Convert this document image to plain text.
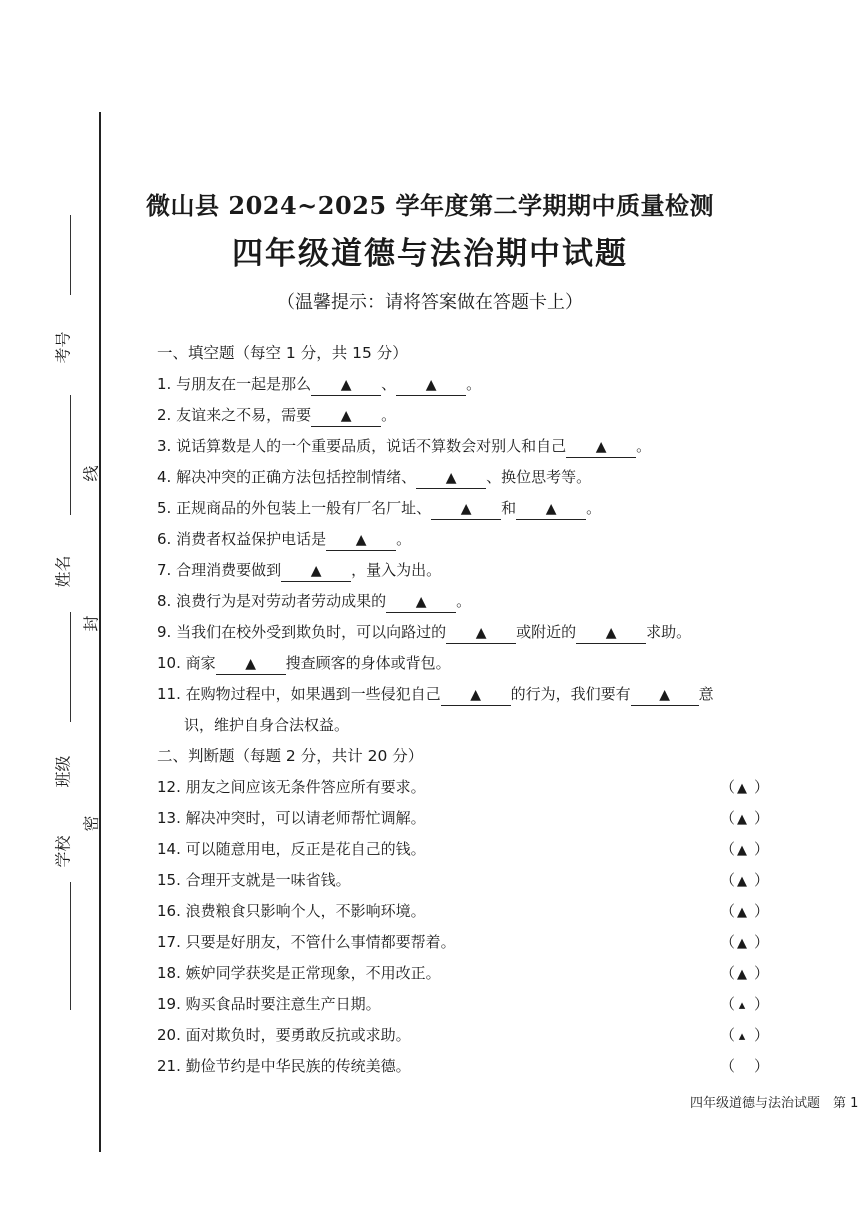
考号
姓名
班级
学校
线
封
密
微山县 2024~2025 学年度第二学期期中质量检测
四年级道德与法治期中试题
（温馨提示：请将答案做在答题卡上）
一、填空题（每空 1 分，共 15 分）
1. 与朋友在一起是那么 ▲ 、 ▲ 。
2. 友谊来之不易，需要 ▲ 。
3. 说话算数是人的一个重要品质，说话不算数会对别人和自己 ▲ 。
4. 解决冲突的正确方法包括控制情绪、 ▲ 、换位思考等。
5. 正规商品的外包装上一般有厂名厂址、 ▲ 和 ▲ 。
6. 消费者权益保护电话是 ▲ 。
7. 合理消费要做到 ▲ ，量入为出。
8. 浪费行为是对劳动者劳动成果的 ▲ 。
9. 当我们在校外受到欺负时，可以向路过的 ▲ 或附近的 ▲ 求助。
10. 商家 ▲ 搜查顾客的身体或背包。
11. 在购物过程中，如果遇到一些侵犯自己 ▲ 的行为，我们要有 ▲ 意
识，维护自身合法权益。
二、判断题（每题 2 分，共计 20 分）
12. 朋友之间应该无条件答应所有要求。	（ ▲ ）
13. 解决冲突时，可以请老师帮忙调解。	（ ▲ ）
14. 可以随意用电，反正是花自己的钱。	（ ▲ ）
15. 合理开支就是一味省钱。	（ ▲ ）
16. 浪费粮食只影响个人，不影响环境。	（ ▲ ）
17. 只要是好朋友，不管什么事情都要帮着。	（ ▲ ）
18. 嫉妒同学获奖是正常现象，不用改正。	（ ▲ ）
19. 购买食品时要注意生产日期。	（ ▴ ）
20. 面对欺负时，要勇敢反抗或求助。	（ ▴ ）
21. 勤俭节约是中华民族的传统美德。	（ ）
四年级道德与法治试题　第 1
